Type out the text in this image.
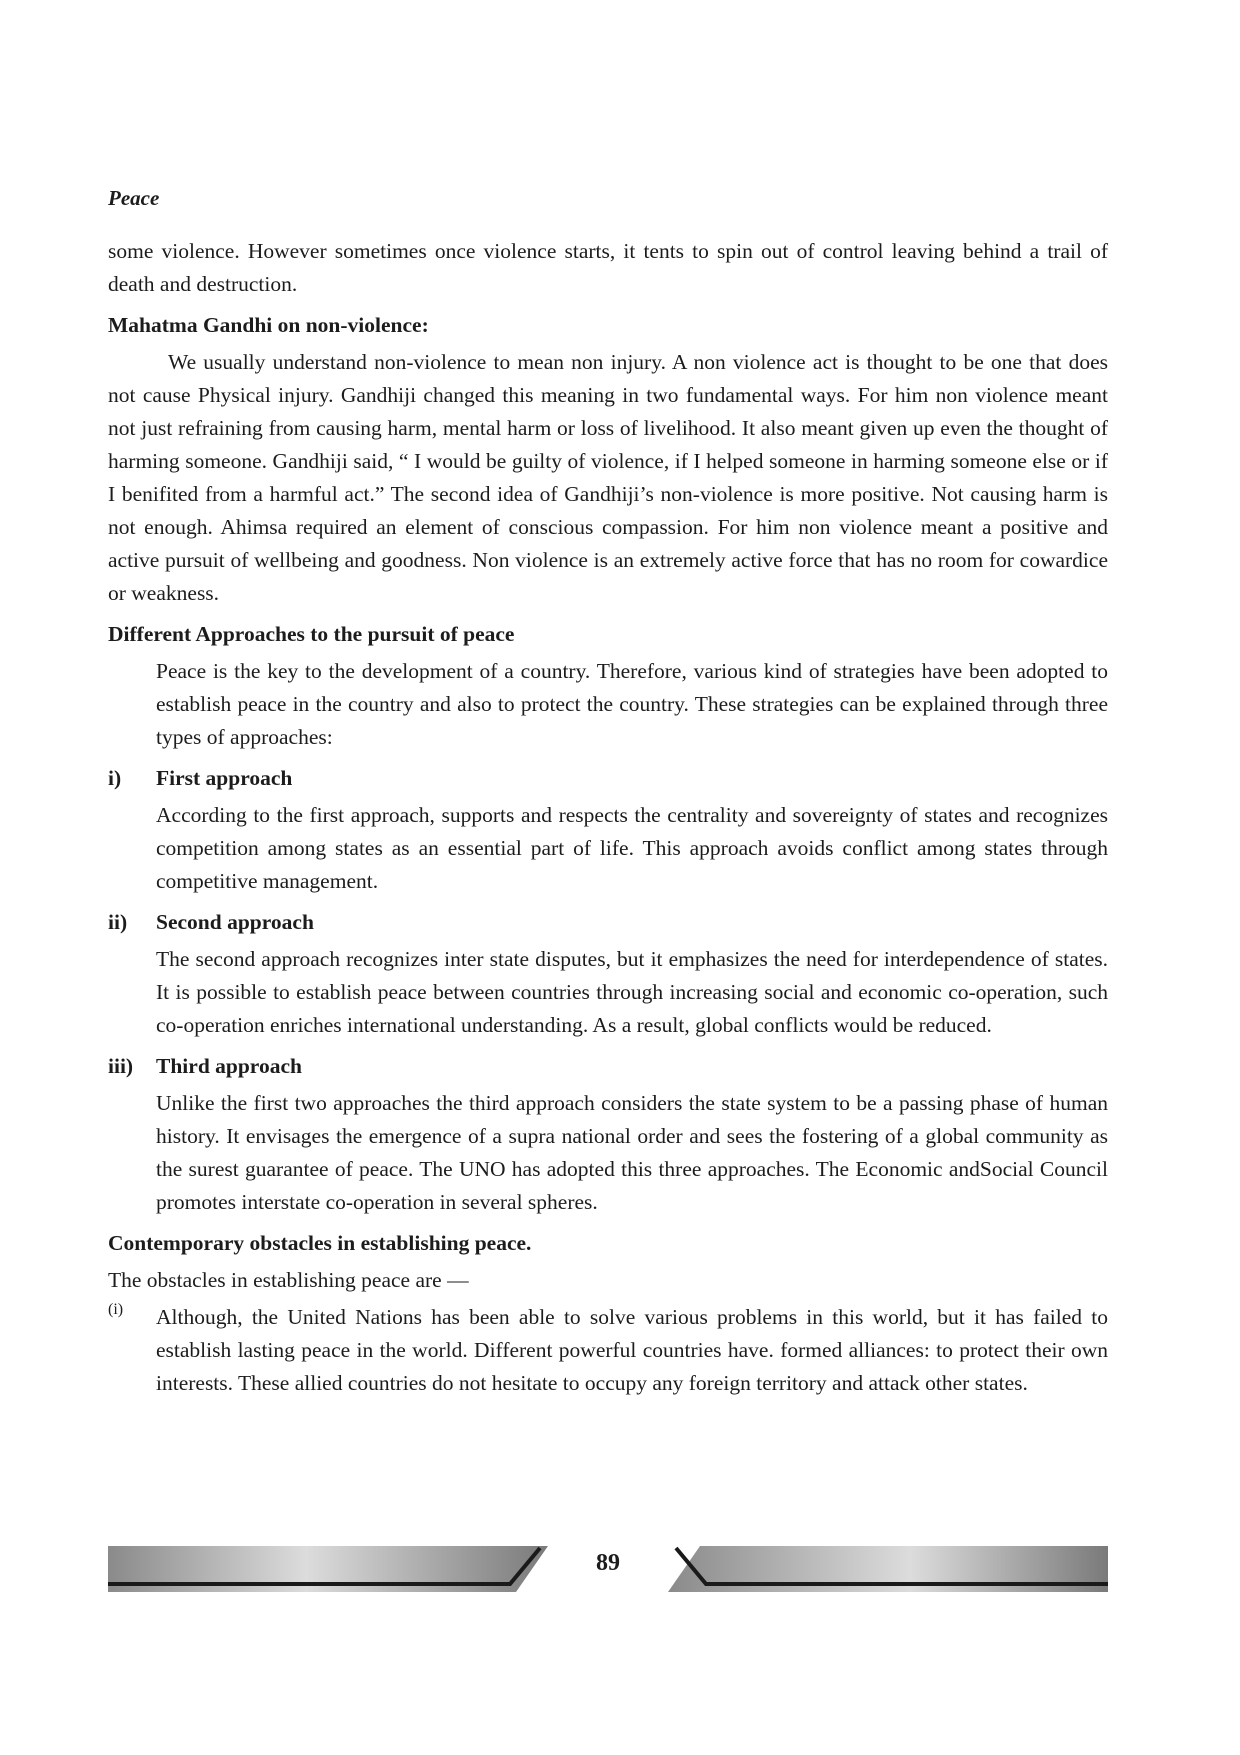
Peace

some violence. However sometimes once violence starts, it tents to spin out of control leaving behind a trail of death and destruction.

Mahatma Gandhi on non-violence:

We usually understand non-violence to mean non injury. A non violence act is thought to be one that does not cause Physical injury. Gandhiji changed this meaning in two fundamental ways. For him non violence meant not just refraining from causing harm, mental harm or loss of livelihood. It also meant given up even the thought of harming someone. Gandhiji said, “ I would be guilty of violence, if I helped someone in harming someone else or if I benifited from a harmful act.” The second idea of Gandhiji’s non-violence is more positive. Not causing harm is not enough. Ahimsa required an element of conscious compassion. For him non violence meant a positive and active pursuit of wellbeing and goodness. Non violence is an extremely active force that has no room for cowardice or weakness.

Different Approaches to the pursuit of peace

Peace is the key to the development of a country. Therefore, various kind of strategies have been adopted to establish peace in the country and also to protect the country. These strategies can be explained through three types of approaches:

i) First approach

According to the first approach, supports and respects the centrality and sovereignty of states and recognizes competition among states as an essential part of life. This approach avoids conflict among states through competitive management.

ii) Second approach

The second approach recognizes inter state disputes, but it emphasizes the need for interdependence of states. It is possible to establish peace between countries through increasing social and economic co-operation, such co-operation enriches international understanding. As a result, global conflicts would be reduced.

iii) Third approach

Unlike the first two approaches the third approach considers the state system to be a passing phase of human history. It envisages the emergence of a supra national order and sees the fostering of a global community as the surest guarantee of peace. The UNO has adopted this three approaches. The Economic andSocial Council promotes interstate co-operation in several spheres.

Contemporary obstacles in establishing peace.

The obstacles in establishing peace are —

(i) Although, the United Nations has been able to solve various problems in this world, but it has failed to establish lasting peace in the world. Different powerful countries have. formed alliances: to protect their own interests. These allied countries do not hesitate to occupy any foreign territory and attack other states.

89
